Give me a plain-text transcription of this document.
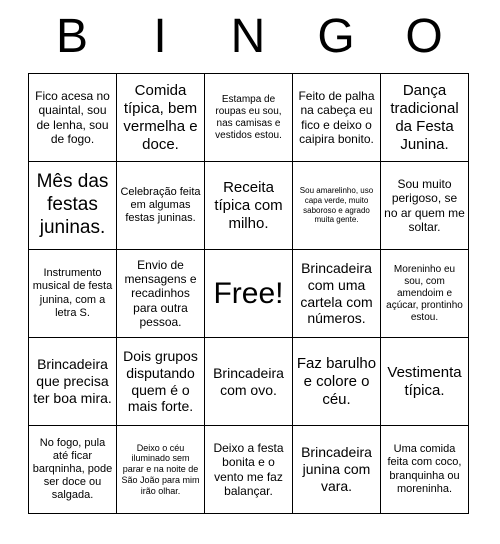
B	I	N	G	O
Fico acesa no quaintal, sou de lenha, sou de fogo.
Comida típica, bem vermelha e doce.
Estampa de roupas eu sou, nas camisas e vestidos estou.
Feito de palha na cabeça eu fico e deixo o caipira bonito.
Dança tradicional da Festa Junina.
Mês das festas juninas.
Celebração feita em algumas festas juninas.
Receita típica com milho.
Sou amarelinho, uso capa verde, muito saboroso e agrado muita gente.
Sou muito perigoso, se no ar quem me soltar.
Instrumento musical de festa junina, com a letra S.
Envio de mensagens e recadinhos para outra pessoa.
Free!
Brincadeira com uma cartela com números.
Moreninho eu sou, com amendoim e açúcar, prontinho estou.
Brincadeira que precisa ter boa mira.
Dois grupos disputando quem é o mais forte.
Brincadeira com ovo.
Faz barulho e colore o céu.
Vestimenta típica.
No fogo, pula até ficar barqninha, pode ser doce ou salgada.
Deixo o céu iluminado sem parar e na noite de São João para mim irão olhar.
Deixo a festa bonita e o vento me faz balançar.
Brincadeira junina com vara.
Uma comida feita com coco, branquinha ou moreninha.
